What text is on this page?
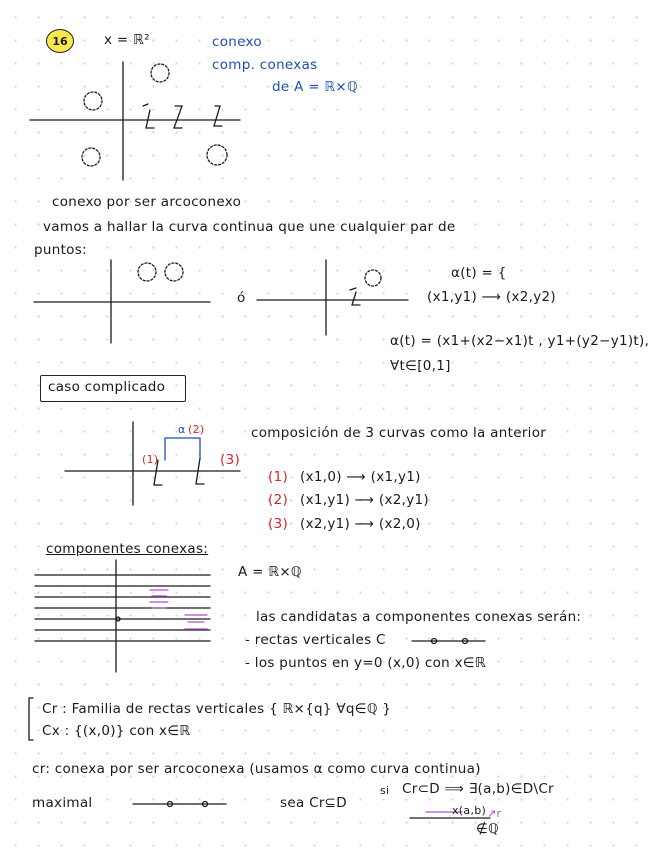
16	x = ℝ²	conexo
comp. conexas
de A = ℝ×ℚ
conexo por ser arcoconexo
vamos a hallar la curva continua que une cualquier par de
puntos:
ó
α(t) = {
(x1,y1) ⟶ (x2,y2)
α(t) = (x1+(x2−x1)t , y1+(y2−y1)t),
∀t∈[0,1]
caso complicado
α (2)
(1)	(3)
composición de 3 curvas como la anterior
(1) (x1,0) ⟶ (x1,y1)
(2) (x1,y1) ⟶ (x2,y1)
(3) (x2,y1) ⟶ (x2,0)
componentes conexas:
A = ℝ×ℚ
las candidatas a componentes conexas serán:
- rectas verticales C
- los puntos en y=0 (x,0) con x∈ℝ
Cr : Familia de rectas verticales { ℝ×{q} ∀q∈ℚ }
Cx : {(x,0)} con x∈ℝ
cr: conexa por ser arcoconexa (usamos α como curva continua)
maximal	sea Cr⊆D
si Cr⊂D ⟹ ∃(a,b)∈D\Cr
x(a,b) ↗r
∉ℚ
